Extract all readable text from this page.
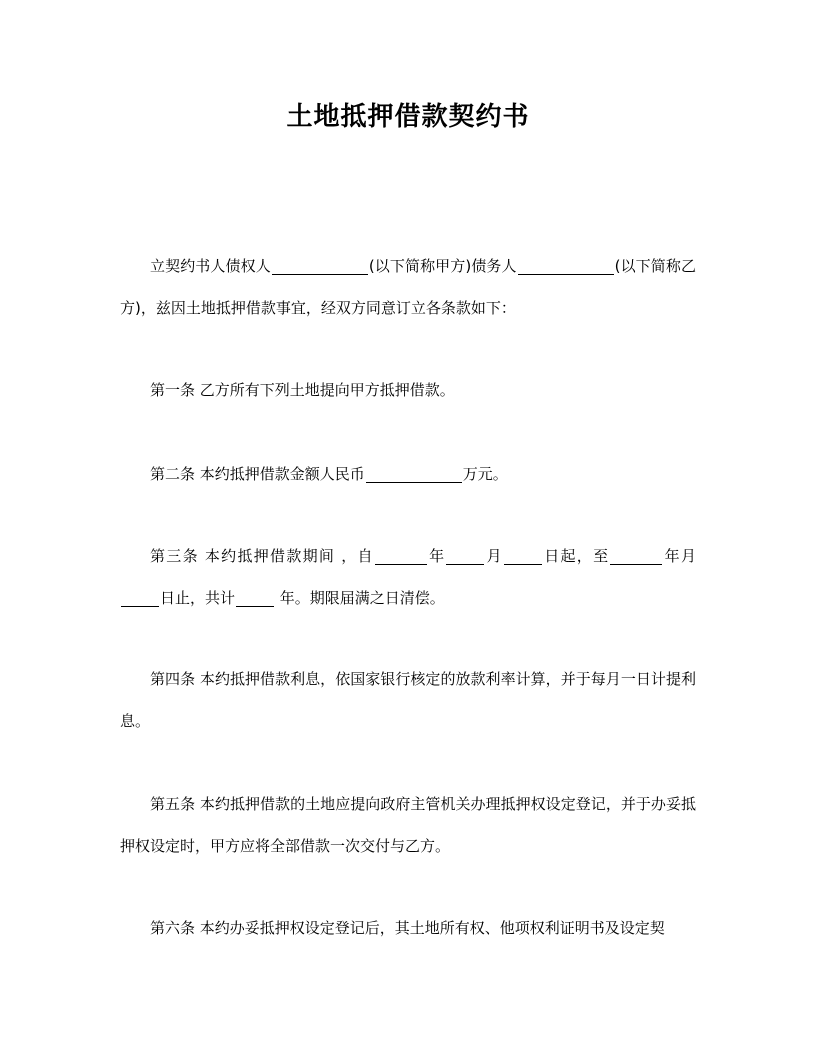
土地抵押借款契约书

立契约书人债权人	(以下简称甲方)债务人	(以下简称乙方)，兹因土地抵押借款事宜，经双方同意订立各条款如下：

第一条 乙方所有下列土地提向甲方抵押借款。

第二条 本约抵押借款金额人民币	万元。

第三条 本约抵押借款期间 ，自	年	月	日起，至	年月日止，共计	年。期限届满之日清偿。

第四条 本约抵押借款利息，依国家银行核定的放款利率计算，并于每月一日计提利息。

第五条 本约抵押借款的土地应提向政府主管机关办理抵押权设定登记，并于办妥抵押权设定时，甲方应将全部借款一次交付与乙方。

第六条 本约办妥抵押权设定登记后，其土地所有权、他项权利证明书及设定契
